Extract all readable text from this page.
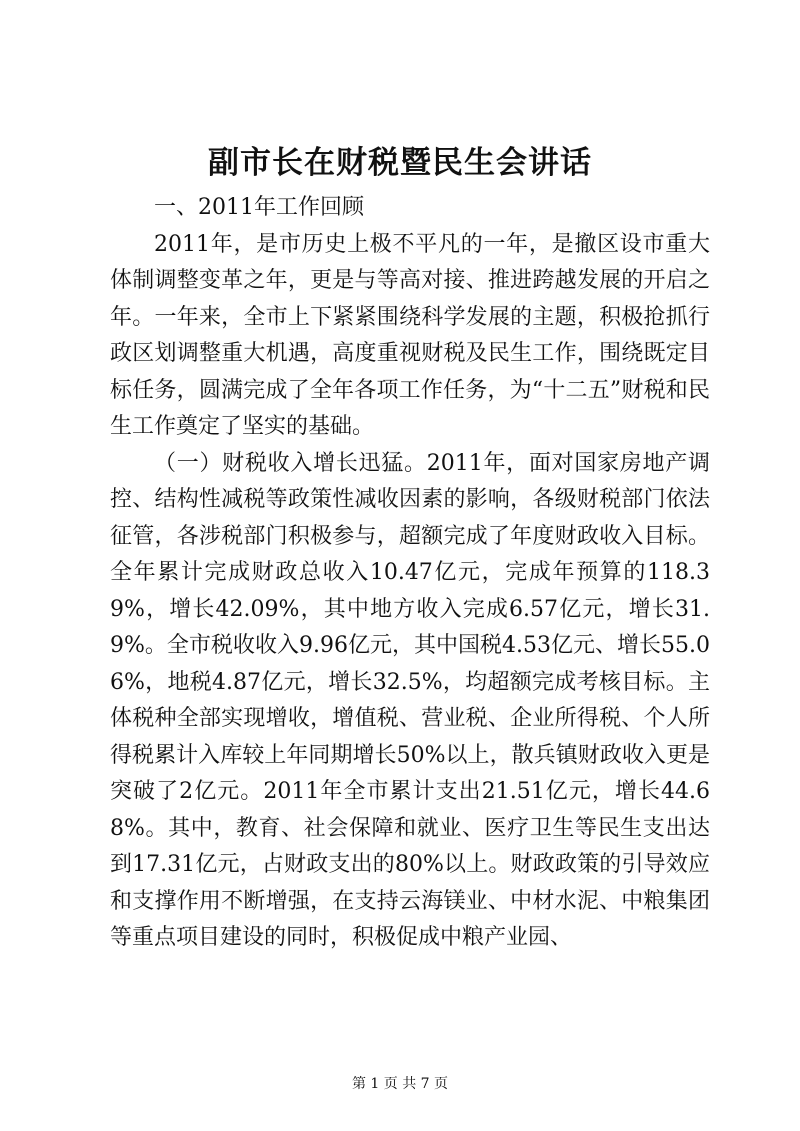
副市长在财税暨民生会讲话

一、2011年工作回顾

2011年，是市历史上极不平凡的一年，是撤区设市重大体制调整变革之年，更是与等高对接、推进跨越发展的开启之年。一年来，全市上下紧紧围绕科学发展的主题，积极抢抓行政区划调整重大机遇，高度重视财税及民生工作，围绕既定目标任务，圆满完成了全年各项工作任务，为“十二五”财税和民生工作奠定了坚实的基础。

（一）财税收入增长迅猛。2011年，面对国家房地产调控、结构性减税等政策性减收因素的影响，各级财税部门依法征管，各涉税部门积极参与，超额完成了年度财政收入目标。全年累计完成财政总收入10.47亿元，完成年预算的118.39%，增长42.09%，其中地方收入完成6.57亿元，增长31.9%。全市税收收入9.96亿元，其中国税4.53亿元、增长55.06%，地税4.87亿元，增长32.5%，均超额完成考核目标。主体税种全部实现增收，增值税、营业税、企业所得税、个人所得税累计入库较上年同期增长50%以上，散兵镇财政收入更是突破了2亿元。2011年全市累计支出21.51亿元，增长44.68%。其中，教育、社会保障和就业、医疗卫生等民生支出达到17.31亿元，占财政支出的80%以上。财政政策的引导效应和支撑作用不断增强，在支持云海镁业、中材水泥、中粮集团等重点项目建设的同时，积极促成中粮产业园、

第 1 页 共 7 页
